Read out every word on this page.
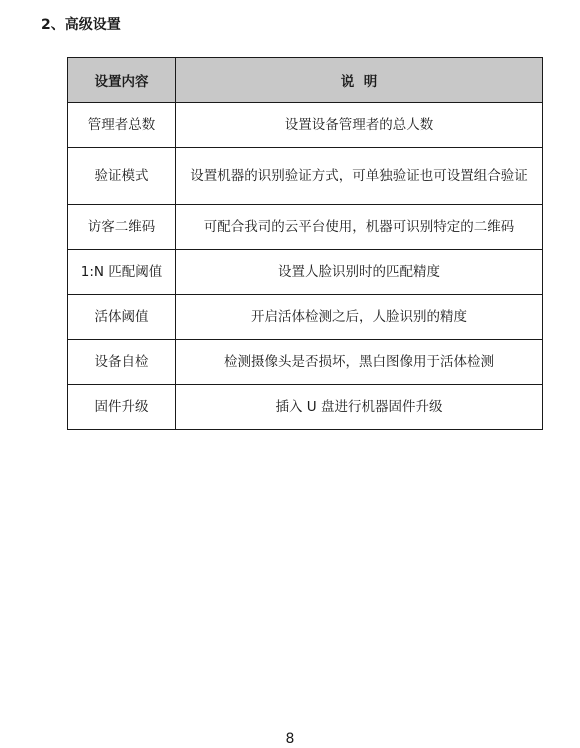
2、高级设置
设置内容	说  明
管理者总数	设置设备管理者的总人数
验证模式	设置机器的识别验证方式，可单独验证也可设置组合验证
访客二维码	可配合我司的云平台使用，机器可识别特定的二维码
1:N 匹配阈值	设置人脸识别时的匹配精度
活体阈值	开启活体检测之后，人脸识别的精度
设备自检	检测摄像头是否损坏，黑白图像用于活体检测
固件升级	插入 U 盘进行机器固件升级
8
